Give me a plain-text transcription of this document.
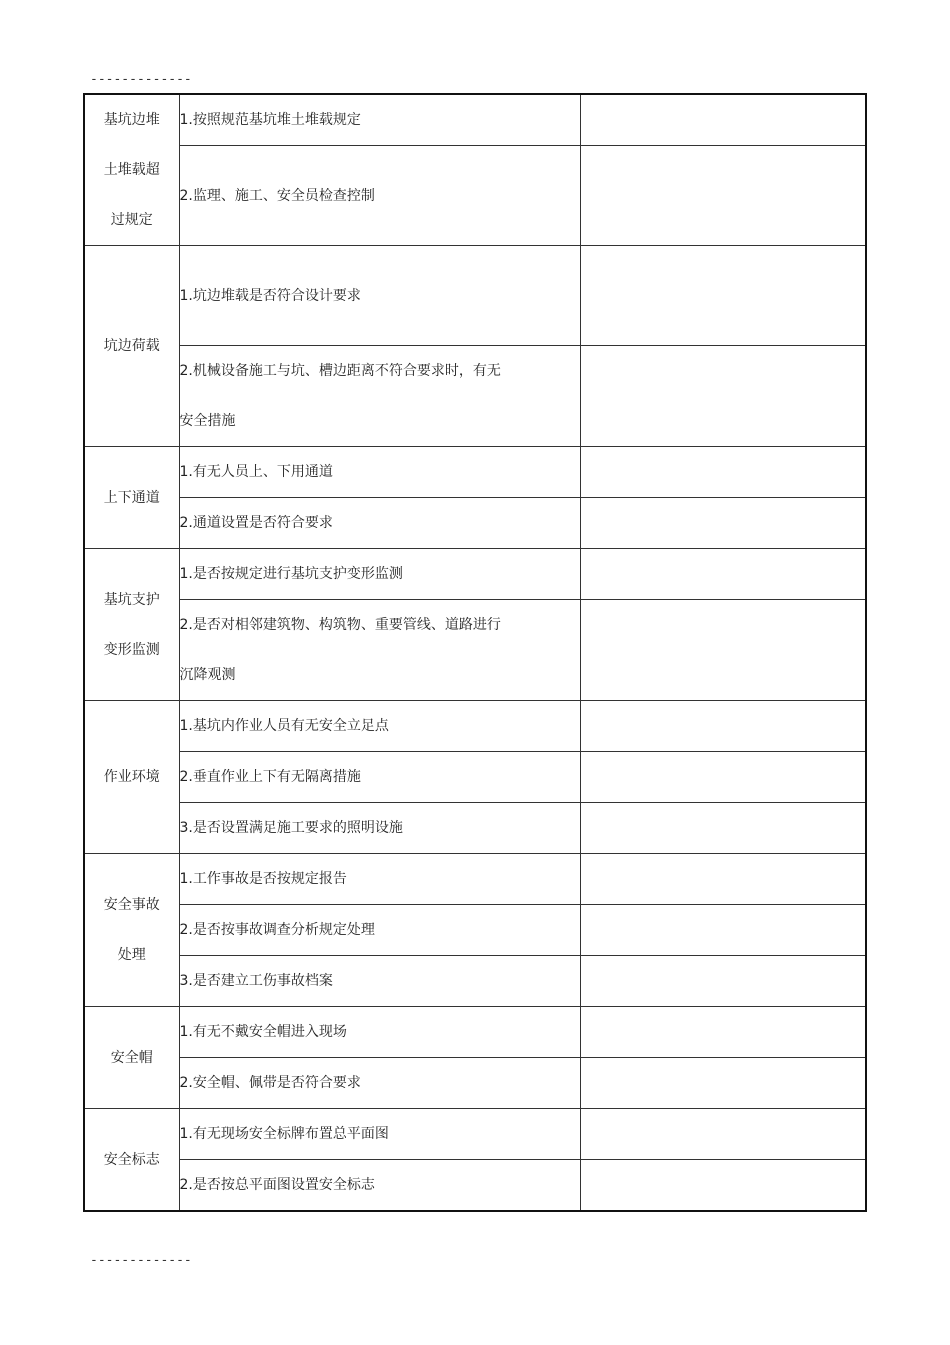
-------------
基坑边堆
土堆载超
过规定	1.按照规范基坑堆土堆载规定	

	2.监理、施工、安全员检查控制	

坑边荷载	1.坑边堆载是否符合设计要求	

	2.机械设备施工与坑、槽边距离不符合要求时，有无
安全措施	

上下通道	1.有无人员上、下用通道	

	2.通道设置是否符合要求	

基坑支护
变形监测	1.是否按规定进行基坑支护变形监测	

	2.是否对相邻建筑物、构筑物、重要管线、道路进行
沉降观测	

作业环境	1.基坑内作业人员有无安全立足点	

	2.垂直作业上下有无隔离措施	

	3.是否设置满足施工要求的照明设施	

安全事故
处理	1.工作事故是否按规定报告	

	2.是否按事故调查分析规定处理	

	3.是否建立工伤事故档案	

安全帽	1.有无不戴安全帽进入现场	

	2.安全帽、佩带是否符合要求	

安全标志	1.有无现场安全标牌布置总平面图	

	2.是否按总平面图设置安全标志	

-------------
